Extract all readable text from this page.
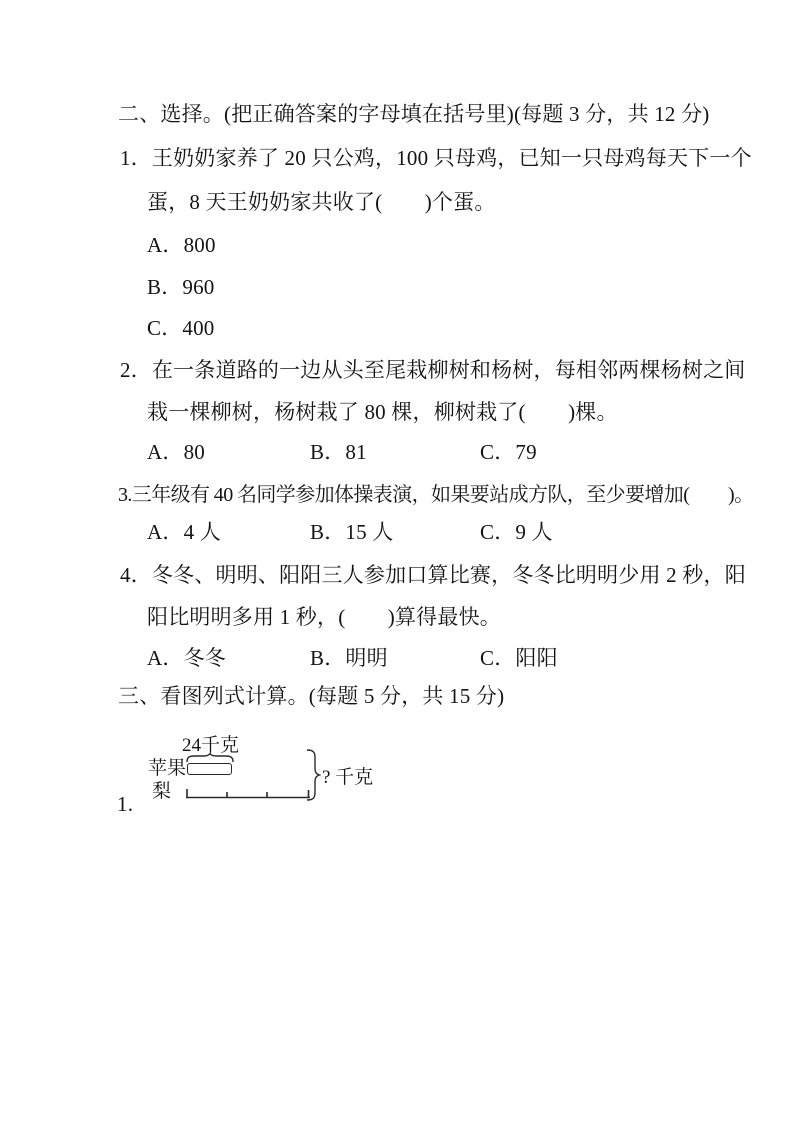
二、选择。(把正确答案的字母填在括号里)(每题 3 分，共 12 分)
1．王奶奶家养了 20 只公鸡，100 只母鸡，已知一只母鸡每天下一个
蛋，8 天王奶奶家共收了(　　)个蛋。
A．800
B．960
C．400
2．在一条道路的一边从头至尾栽柳树和杨树，每相邻两棵杨树之间
栽一棵柳树，杨树栽了 80 棵，柳树栽了(　　)棵。
A．80	B．81	C．79
3.三年级有 40 名同学参加体操表演，如果要站成方队，至少要增加(　　)。
A．4 人	B．15 人	C．9 人
4．冬冬、明明、阳阳三人参加口算比赛，冬冬比明明少用 2 秒，阳
阳比明明多用 1 秒，(　　)算得最快。
A．冬冬	B．明明	C．阳阳
三、看图列式计算。(每题 5 分，共 15 分)
24千克
苹果
梨
? 千克
1.
